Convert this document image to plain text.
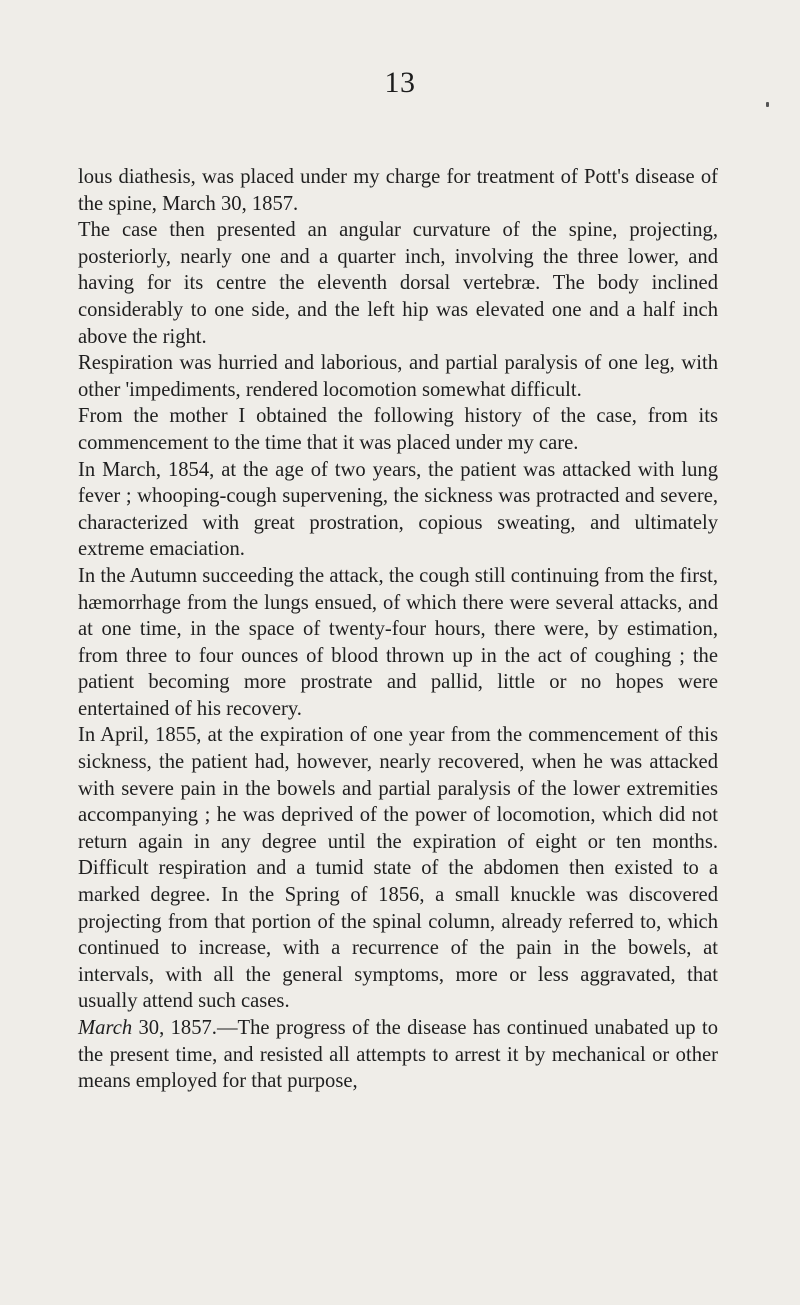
13

lous diathesis, was placed under my charge for treatment of Pott's disease of the spine, March 30, 1857.

The case then presented an angular curvature of the spine, projecting, posteriorly, nearly one and a quarter inch, involving the three lower, and having for its centre the eleventh dorsal vertebræ. The body inclined considerably to one side, and the left hip was elevated one and a half inch above the right.

Respiration was hurried and laborious, and partial paralysis of one leg, with other 'impediments, rendered locomotion somewhat difficult.

From the mother I obtained the following history of the case, from its commencement to the time that it was placed under my care.

In March, 1854, at the age of two years, the patient was attacked with lung fever ; whooping-cough supervening, the sickness was protracted and severe, characterized with great prostration, copious sweating, and ultimately extreme emaciation.

In the Autumn succeeding the attack, the cough still continuing from the first, hæmorrhage from the lungs ensued, of which there were several attacks, and at one time, in the space of twenty-four hours, there were, by estimation, from three to four ounces of blood thrown up in the act of coughing ; the patient becoming more prostrate and pallid, little or no hopes were entertained of his recovery.

In April, 1855, at the expiration of one year from the commencement of this sickness, the patient had, however, nearly recovered, when he was attacked with severe pain in the bowels and partial paralysis of the lower extremities accompanying ; he was deprived of the power of locomotion, which did not return again in any degree until the expiration of eight or ten months. Difficult respiration and a tumid state of the abdomen then existed to a marked degree. In the Spring of 1856, a small knuckle was discovered projecting from that portion of the spinal column, already referred to, which continued to increase, with a recurrence of the pain in the bowels, at intervals, with all the general symptoms, more or less aggravated, that usually attend such cases.

March 30, 1857.—The progress of the disease has continued unabated up to the present time, and resisted all attempts to arrest it by mechanical or other means employed for that purpose,
